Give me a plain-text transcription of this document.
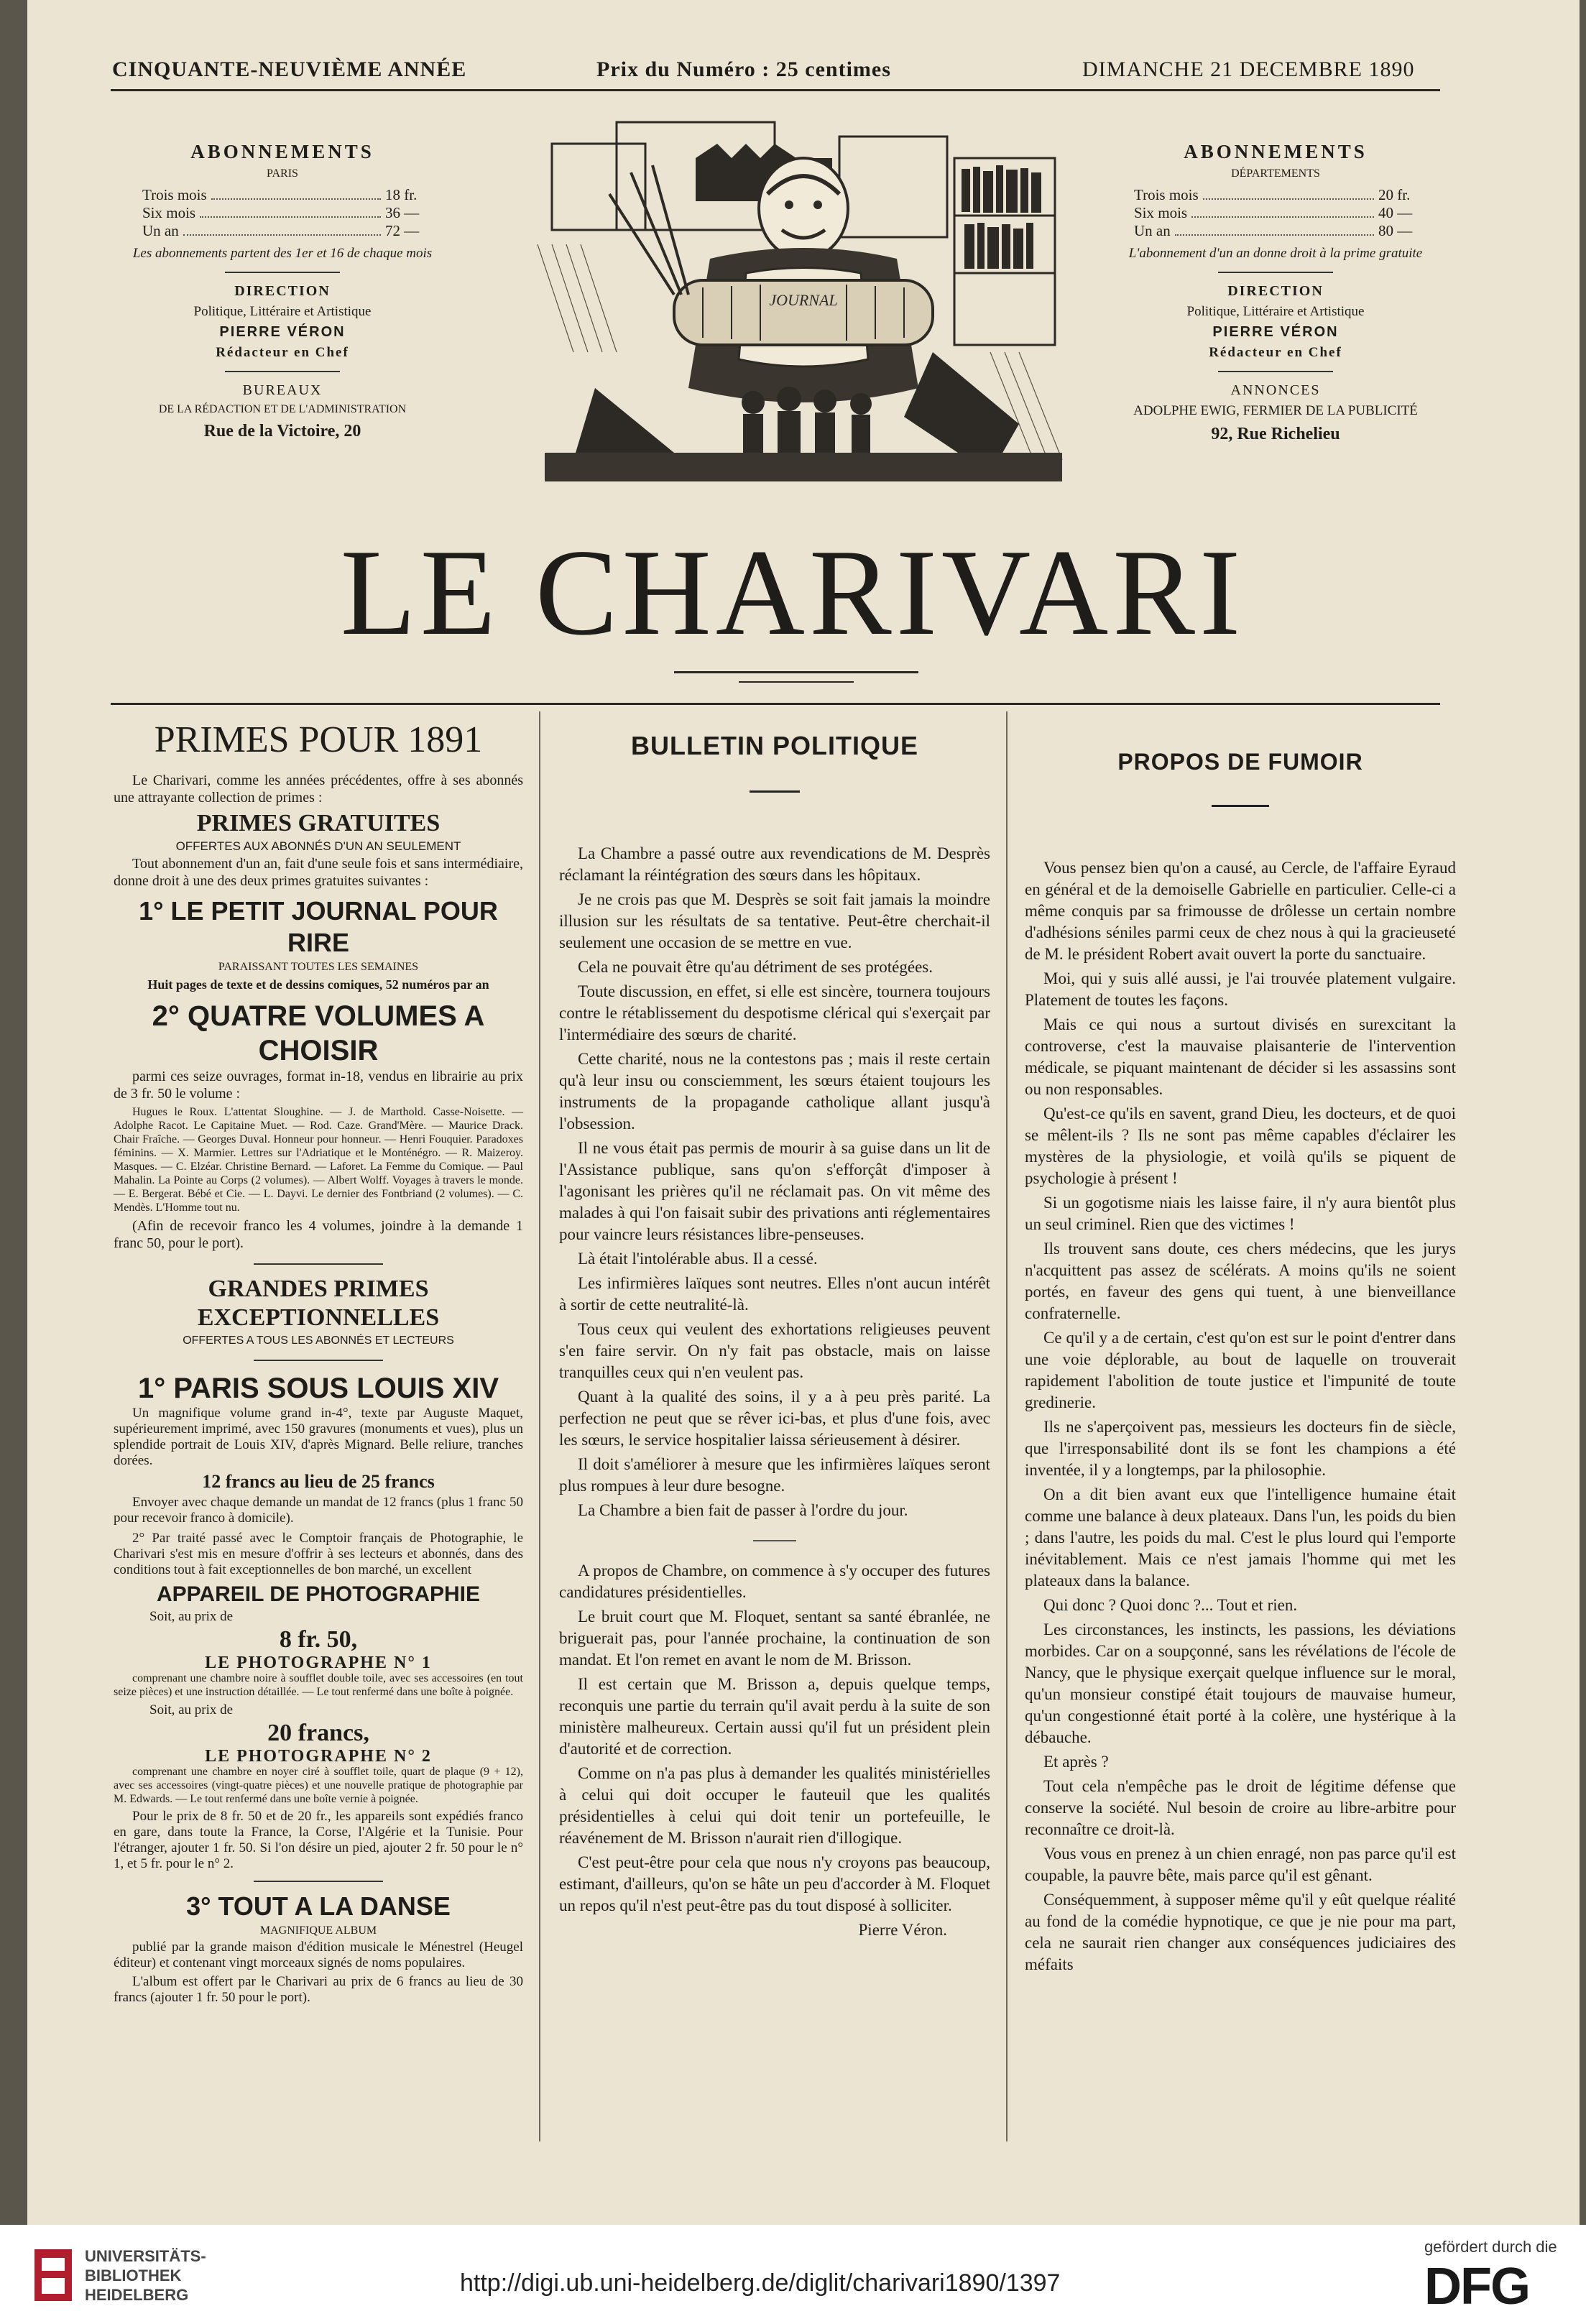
CINQUANTE-NEUVIÈME ANNÉE	Prix du Numéro : 25 centimes	DIMANCHE 21 DECEMBRE 1890
ABONNEMENTS
PARIS
Trois mois	18 fr.
Six mois	36 —
Un an	72 —
Les abonnements partent des 1er et 16 de chaque mois
DIRECTION
Politique, Littéraire et Artistique
PIERRE VÉRON
Rédacteur en Chef
BUREAUX
DE LA RÉDACTION ET DE L'ADMINISTRATION
Rue de la Victoire, 20
JOURNAL
ABONNEMENTS
DÉPARTEMENTS
Trois mois	20 fr.
Six mois	40 —
Un an	80 —
L'abonnement d'un an donne droit à la prime gratuite
DIRECTION
Politique, Littéraire et Artistique
PIERRE VÉRON
Rédacteur en Chef
ANNONCES
ADOLPHE EWIG, FERMIER DE LA PUBLICITÉ
92, Rue Richelieu
LE CHARIVARI
PRIMES POUR 1891

Le Charivari, comme les années précédentes, offre à ses abonnés une attrayante collection de primes :

PRIMES GRATUITES
OFFERTES AUX ABONNÉS D'UN AN SEULEMENT

Tout abonnement d'un an, fait d'une seule fois et sans intermédiaire, donne droit à une des deux primes gratuites suivantes :

1° LE PETIT JOURNAL POUR RIRE
PARAISSANT TOUTES LES SEMAINES
Huit pages de texte et de dessins comiques, 52 numéros par an
2° QUATRE VOLUMES A CHOISIR

parmi ces seize ouvrages, format in-18, vendus en librairie au prix de 3 fr. 50 le volume :

Hugues le Roux. L'attentat Sloughine. — J. de Marthold. Casse-Noisette. — Adolphe Racot. Le Capitaine Muet. — Rod. Caze. Grand'Mère. — Maurice Drack. Chair Fraîche. — Georges Duval. Honneur pour honneur. — Henri Fouquier. Paradoxes féminins. — X. Marmier. Lettres sur l'Adriatique et le Monténégro. — R. Maizeroy. Masques. — C. Elzéar. Christine Bernard. — Laforet. La Femme du Comique. — Paul Mahalin. La Pointe au Corps (2 volumes). — Albert Wolff. Voyages à travers le monde. — E. Bergerat. Bébé et Cie. — L. Dayvi. Le dernier des Fontbriand (2 volumes). — C. Mendès. L'Homme tout nu.

(Afin de recevoir franco les 4 volumes, joindre à la demande 1 franc 50, pour le port).

GRANDES PRIMES EXCEPTIONNELLES
OFFERTES A TOUS LES ABONNÉS ET LECTEURS
1° PARIS SOUS LOUIS XIV

Un magnifique volume grand in-4°, texte par Auguste Maquet, supérieurement imprimé, avec 150 gravures (monuments et vues), plus un splendide portrait de Louis XIV, d'après Mignard. Belle reliure, tranches dorées.

12 francs au lieu de 25 francs

Envoyer avec chaque demande un mandat de 12 francs (plus 1 franc 50 pour recevoir franco à domicile).

2° Par traité passé avec le Comptoir français de Photographie, le Charivari s'est mis en mesure d'offrir à ses lecteurs et abonnés, dans des conditions tout à fait exceptionnelles de bon marché, un excellent

APPAREIL DE PHOTOGRAPHIE
Soit, au prix de
8 fr. 50,
LE PHOTOGRAPHE N° 1

comprenant une chambre noire à soufflet double toile, avec ses accessoires (en tout seize pièces) et une instruction détaillée. — Le tout renfermé dans une boîte à poignée.

Soit, au prix de
20 francs,
LE PHOTOGRAPHE N° 2

comprenant une chambre en noyer ciré à soufflet toile, quart de plaque (9 + 12), avec ses accessoires (vingt-quatre pièces) et une nouvelle pratique de photographie par M. Edwards. — Le tout renfermé dans une boîte vernie à poignée.

Pour le prix de 8 fr. 50 et de 20 fr., les appareils sont expédiés franco en gare, dans toute la France, la Corse, l'Algérie et la Tunisie. Pour l'étranger, ajouter 1 fr. 50. Si l'on désire un pied, ajouter 2 fr. 50 pour le n° 1, et 5 fr. pour le n° 2.

3° TOUT A LA DANSE
MAGNIFIQUE ALBUM

publié par la grande maison d'édition musicale le Ménestrel (Heugel éditeur) et contenant vingt morceaux signés de noms populaires.

L'album est offert par le Charivari au prix de 6 francs au lieu de 30 francs (ajouter 1 fr. 50 pour le port).

BULLETIN POLITIQUE

La Chambre a passé outre aux revendications de M. Desprès réclamant la réintégration des sœurs dans les hôpitaux.

Je ne crois pas que M. Desprès se soit fait jamais la moindre illusion sur les résultats de sa tentative. Peut-être cherchait-il seulement une occasion de se mettre en vue.

Cela ne pouvait être qu'au détriment de ses protégées.

Toute discussion, en effet, si elle est sincère, tournera toujours contre le rétablissement du despotisme clérical qui s'exerçait par l'intermédiaire des sœurs de charité.

Cette charité, nous ne la contestons pas ; mais il reste certain qu'à leur insu ou consciemment, les sœurs étaient toujours les instruments de la propagande catholique allant jusqu'à l'obsession.

Il ne vous était pas permis de mourir à sa guise dans un lit de l'Assistance publique, sans qu'on s'efforçât d'imposer à l'agonisant les prières qu'il ne réclamait pas. On vit même des malades à qui l'on faisait subir des privations anti réglementaires pour vaincre leurs résistances libre-penseuses.

Là était l'intolérable abus. Il a cessé.

Les infirmières laïques sont neutres. Elles n'ont aucun intérêt à sortir de cette neutralité-là.

Tous ceux qui veulent des exhortations religieuses peuvent s'en faire servir. On n'y fait pas obstacle, mais on laisse tranquilles ceux qui n'en veulent pas.

Quant à la qualité des soins, il y a à peu près parité. La perfection ne peut que se rêver ici-bas, et plus d'une fois, avec les sœurs, le service hospitalier laissa sérieusement à désirer.

Il doit s'améliorer à mesure que les infirmières laïques seront plus rompues à leur dure besogne.

La Chambre a bien fait de passer à l'ordre du jour.

A propos de Chambre, on commence à s'y occuper des futures candidatures présidentielles.

Le bruit court que M. Floquet, sentant sa santé ébranlée, ne briguerait pas, pour l'année prochaine, la continuation de son mandat. Et l'on remet en avant le nom de M. Brisson.

Il est certain que M. Brisson a, depuis quelque temps, reconquis une partie du terrain qu'il avait perdu à la suite de son ministère malheureux. Certain aussi qu'il fut un président plein d'autorité et de correction.

Comme on n'a pas plus à demander les qualités ministérielles à celui qui doit occuper le fauteuil que les qualités présidentielles à celui qui doit tenir un portefeuille, le réavénement de M. Brisson n'aurait rien d'illogique.

C'est peut-être pour cela que nous n'y croyons pas beaucoup, estimant, d'ailleurs, qu'on se hâte un peu d'accorder à M. Floquet un repos qu'il n'est peut-être pas du tout disposé à solliciter.

Pierre Véron.
PROPOS DE FUMOIR

Vous pensez bien qu'on a causé, au Cercle, de l'affaire Eyraud en général et de la demoiselle Gabrielle en particulier. Celle-ci a même conquis par sa frimousse de drôlesse un certain nombre d'adhésions séniles parmi ceux de chez nous à qui la gracieuseté de M. le président Robert avait ouvert la porte du sanctuaire.

Moi, qui y suis allé aussi, je l'ai trouvée platement vulgaire. Platement de toutes les façons.

Mais ce qui nous a surtout divisés en surexcitant la controverse, c'est la mauvaise plaisanterie de l'intervention médicale, se piquant maintenant de décider si les assassins sont ou non responsables.

Qu'est-ce qu'ils en savent, grand Dieu, les docteurs, et de quoi se mêlent-ils ? Ils ne sont pas même capables d'éclairer les mystères de la physiologie, et voilà qu'ils se piquent de psychologie à présent !

Si un gogotisme niais les laisse faire, il n'y aura bientôt plus un seul criminel. Rien que des victimes !

Ils trouvent sans doute, ces chers médecins, que les jurys n'acquittent pas assez de scélérats. A moins qu'ils ne soient portés, en faveur des gens qui tuent, à une bienveillance confraternelle.

Ce qu'il y a de certain, c'est qu'on est sur le point d'entrer dans une voie déplorable, au bout de laquelle on trouverait rapidement l'abolition de toute justice et l'impunité de toute gredinerie.

Ils ne s'aperçoivent pas, messieurs les docteurs fin de siècle, que l'irresponsabilité dont ils se font les champions a été inventée, il y a longtemps, par la philosophie.

On a dit bien avant eux que l'intelligence humaine était comme une balance à deux plateaux. Dans l'un, les poids du bien ; dans l'autre, les poids du mal. C'est le plus lourd qui l'emporte inévitablement. Mais ce n'est jamais l'homme qui met les plateaux dans la balance.

Qui donc ? Quoi donc ?... Tout et rien.

Les circonstances, les instincts, les passions, les déviations morbides. Car on a soupçonné, sans les révélations de l'école de Nancy, que le physique exerçait quelque influence sur le moral, qu'un monsieur constipé était toujours de mauvaise humeur, qu'un congestionné était porté à la colère, une hystérique à la débauche.

Et après ?

Tout cela n'empêche pas le droit de légitime défense que conserve la société. Nul besoin de croire au libre-arbitre pour reconnaître ce droit-là.

Vous vous en prenez à un chien enragé, non pas parce qu'il est coupable, la pauvre bête, mais parce qu'il est gênant.

Conséquemment, à supposer même qu'il y eût quelque réalité au fond de la comédie hypnotique, ce que je nie pour ma part, cela ne saurait rien changer aux conséquences judiciaires des méfaits

UNIVERSITÄTS-
BIBLIOTHEK
HEIDELBERG	http://digi.ub.uni-heidelberg.de/diglit/charivari1890/1397
gefördert durch die
DFG
